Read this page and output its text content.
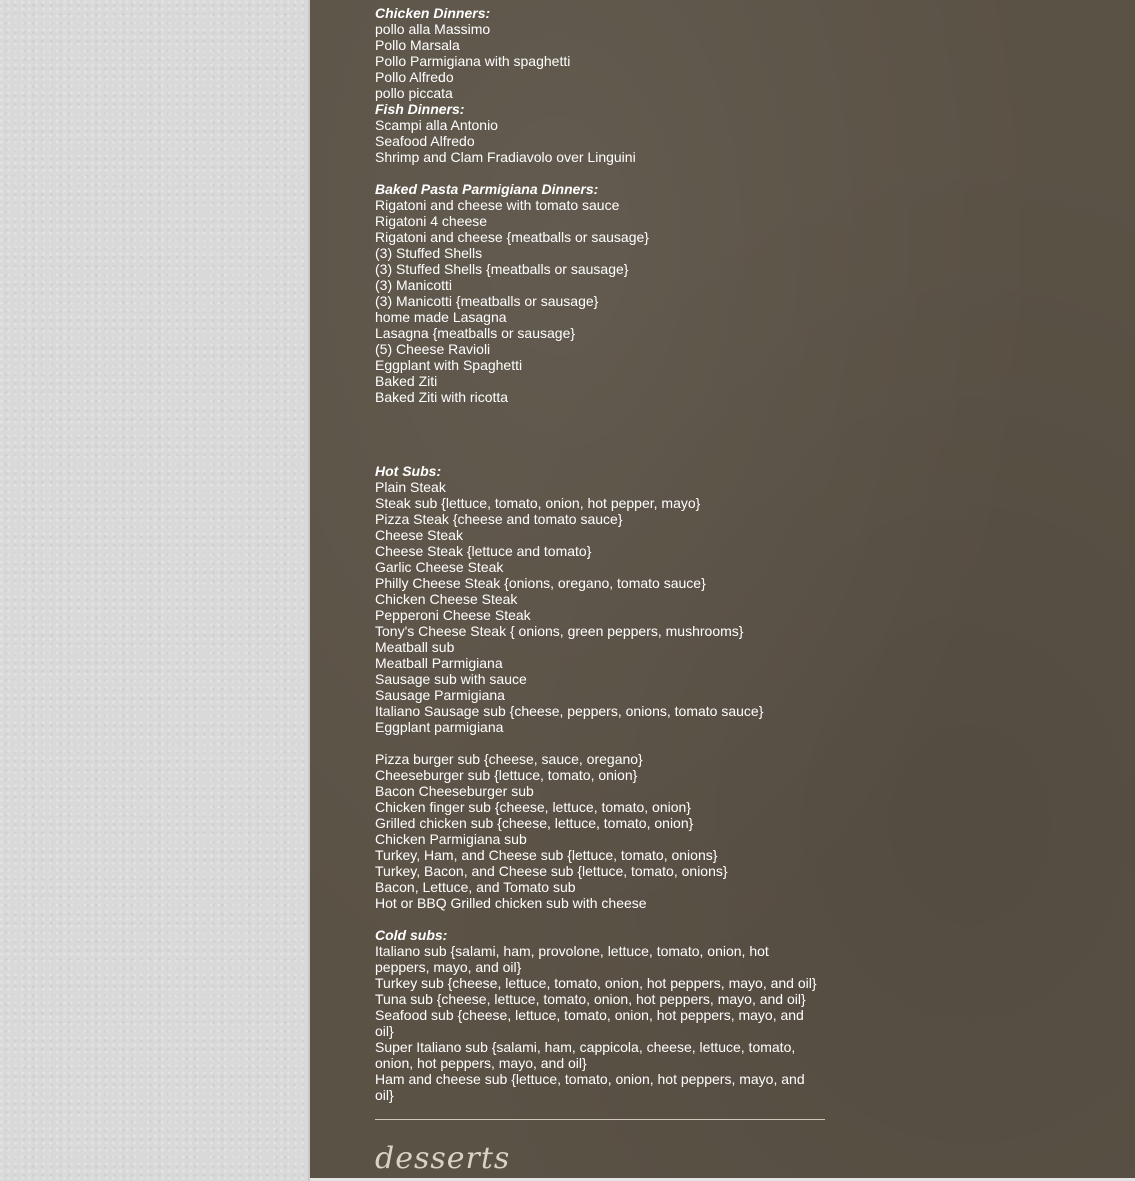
Chicken Dinners:
pollo alla Massimo
Pollo Marsala
Pollo Parmigiana with spaghetti
Pollo Alfredo
pollo piccata
Fish Dinners:
Scampi alla Antonio
Seafood Alfredo
Shrimp and Clam Fradiavolo over Linguini
Baked Pasta Parmigiana Dinners:
Rigatoni and cheese with tomato sauce
Rigatoni 4 cheese
Rigatoni and cheese {meatballs or sausage}
(3) Stuffed Shells
(3) Stuffed Shells {meatballs or sausage}
(3) Manicotti
(3) Manicotti {meatballs or sausage}
home made Lasagna
Lasagna {meatballs or sausage}
(5) Cheese Ravioli
Eggplant with Spaghetti
Baked Ziti
Baked Ziti with ricotta
Hot Subs:
Plain Steak
Steak sub {lettuce, tomato, onion, hot pepper, mayo}
Pizza Steak {cheese and tomato sauce}
Cheese Steak
Cheese Steak {lettuce and tomato}
Garlic Cheese Steak
Philly Cheese Steak {onions, oregano, tomato sauce}
Chicken Cheese Steak
Pepperoni Cheese Steak
Tony's Cheese Steak { onions, green peppers, mushrooms}
Meatball sub
Meatball Parmigiana
Sausage sub with sauce
Sausage Parmigiana
Italiano Sausage sub {cheese, peppers, onions, tomato sauce}
Eggplant parmigiana
Pizza burger sub {cheese, sauce, oregano}
Cheeseburger sub {lettuce, tomato, onion}
Bacon Cheeseburger sub
Chicken finger sub {cheese, lettuce, tomato, onion}
Grilled chicken sub {cheese, lettuce, tomato, onion}
Chicken Parmigiana sub
Turkey, Ham, and Cheese sub {lettuce, tomato, onions}
Turkey, Bacon, and Cheese sub {lettuce, tomato, onions}
Bacon, Lettuce, and Tomato sub
Hot or BBQ Grilled chicken sub with cheese
Cold subs:
Italiano sub {salami, ham, provolone, lettuce, tomato, onion, hot peppers, mayo, and oil}
Turkey sub {cheese, lettuce, tomato, onion, hot peppers, mayo, and oil}
Tuna sub {cheese, lettuce, tomato, onion, hot peppers, mayo, and oil}
Seafood sub {cheese, lettuce, tomato, onion, hot peppers, mayo, and oil}
Super Italiano sub {salami, ham, cappicola, cheese, lettuce, tomato, onion, hot peppers, mayo, and oil}
Ham and cheese sub {lettuce, tomato, onion, hot peppers, mayo, and oil}
desserts
